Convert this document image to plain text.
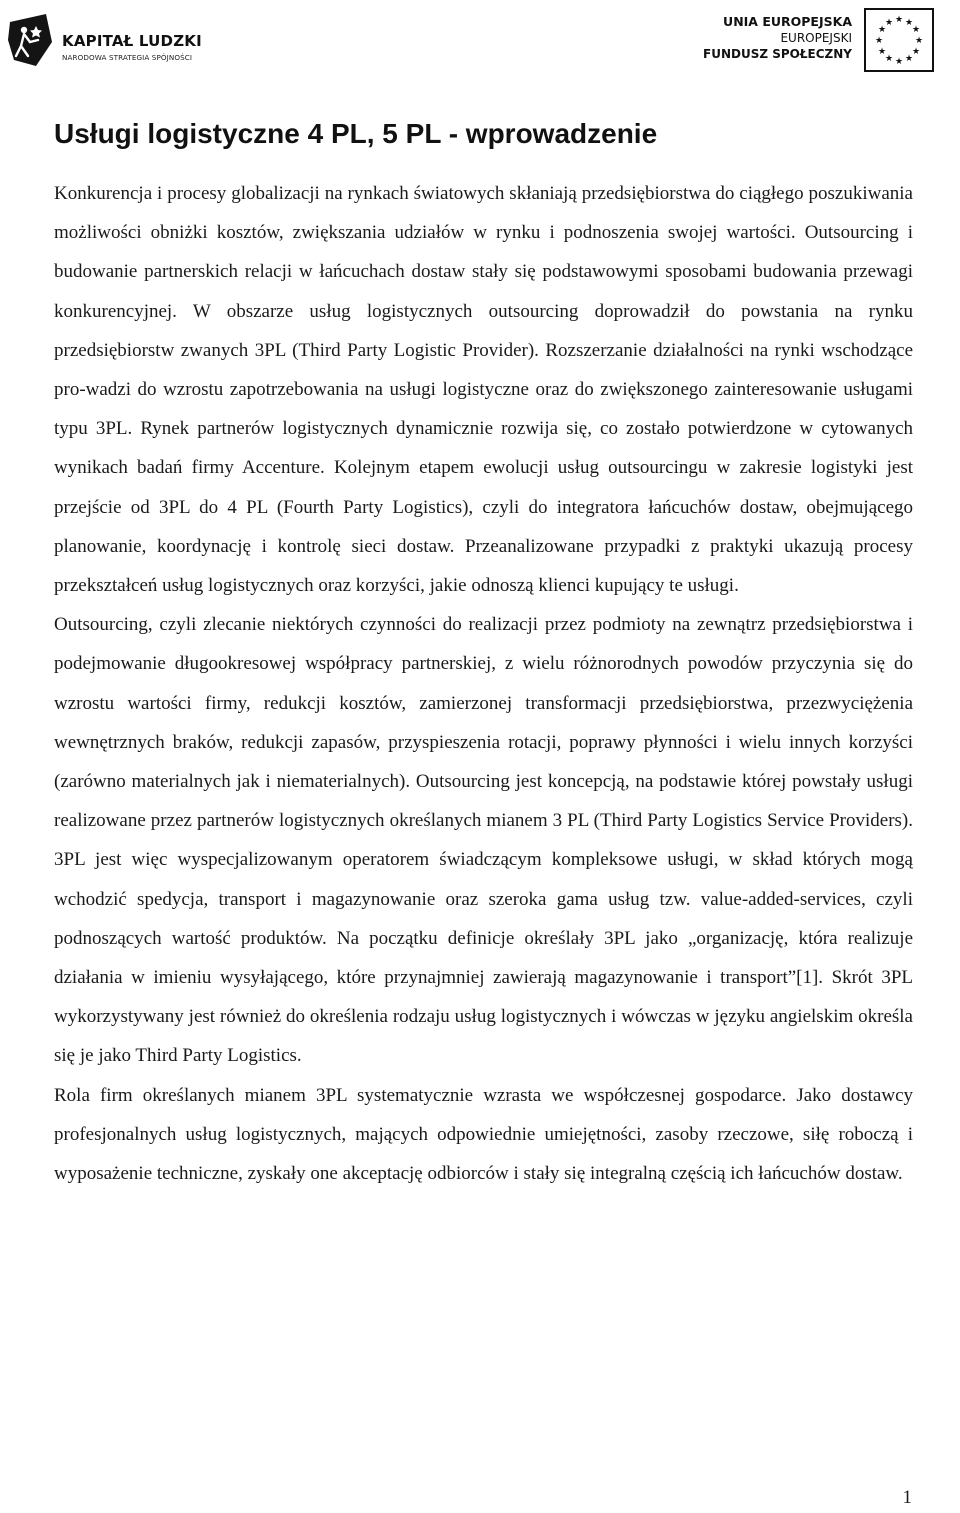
KAPITAŁ LUDZKI
NARODOWA STRATEGIA SPÓJNOŚCI
UNIA EUROPEJSKA
EUROPEJSKI
FUNDUSZ SPOŁECZNY
★ ★
★
★
★
★
★
★
★
★
★
★
Usługi logistyczne 4 PL, 5 PL - wprowadzenie

Konkurencja i procesy globalizacji na rynkach światowych skłaniają przedsiębiorstwa do ciągłego poszukiwania możliwości obniżki kosztów, zwiększania udziałów w rynku i podnoszenia swojej wartości. Outsourcing i budowanie partnerskich relacji w łańcuchach dostaw stały się podstawowymi sposobami budowania przewagi konkurencyjnej. W obszarze usług logistycznych outsourcing doprowadził do powstania na rynku przedsiębiorstw zwanych 3PL (Third Party Logistic Provider). Rozszerzanie działalności na rynki wschodzące pro-wadzi do wzrostu zapotrzebowania na usługi logistyczne oraz do zwiększonego zainteresowanie usługami typu 3PL. Rynek partnerów logistycznych dynamicznie rozwija się, co zostało potwierdzone w cytowanych wynikach badań firmy Accenture. Kolejnym etapem ewolucji usług outsourcingu w zakresie logistyki jest przejście od 3PL do 4 PL (Fourth Party Logistics), czyli do integratora łańcuchów dostaw, obejmującego planowanie, koordynację i kontrolę sieci dostaw. Przeanalizowane przypadki z praktyki ukazują procesy przekształceń usług logistycznych oraz korzyści, jakie odnoszą klienci kupujący te usługi.

Outsourcing, czyli zlecanie niektórych czynności do realizacji przez podmioty na zewnątrz przedsiębiorstwa i podejmowanie długookresowej współpracy partnerskiej, z wielu różnorodnych powodów przyczynia się do wzrostu wartości firmy, redukcji kosztów, zamierzonej transformacji przedsiębiorstwa, przezwyciężenia wewnętrznych braków, redukcji zapasów, przyspieszenia rotacji, poprawy płynności i wielu innych korzyści (zarówno materialnych jak i niematerialnych). Outsourcing jest koncepcją, na podstawie której powstały usługi realizowane przez partnerów logistycznych określanych mianem 3 PL (Third Party Logistics Service Providers). 3PL jest więc wyspecjalizowanym operatorem świadczącym kompleksowe usługi, w skład których mogą wchodzić spedycja, transport i magazynowanie oraz szeroka gama usług tzw. value-added-services, czyli podnoszących wartość produktów. Na początku definicje określały 3PL jako „organizację, która realizuje działania w imieniu wysyłającego, które przynajmniej zawierają magazynowanie i transport”[1]. Skrót 3PL wykorzystywany jest również do określenia rodzaju usług logistycznych i wówczas w języku angielskim określa się je jako Third Party Logistics.

Rola firm określanych mianem 3PL systematycznie wzrasta we współczesnej gospodarce. Jako dostawcy profesjonalnych usług logistycznych, mających odpowiednie umiejętności, zasoby rzeczowe, siłę roboczą i wyposażenie techniczne, zyskały one akceptację odbiorców i stały się integralną częścią ich łańcuchów dostaw.

1
